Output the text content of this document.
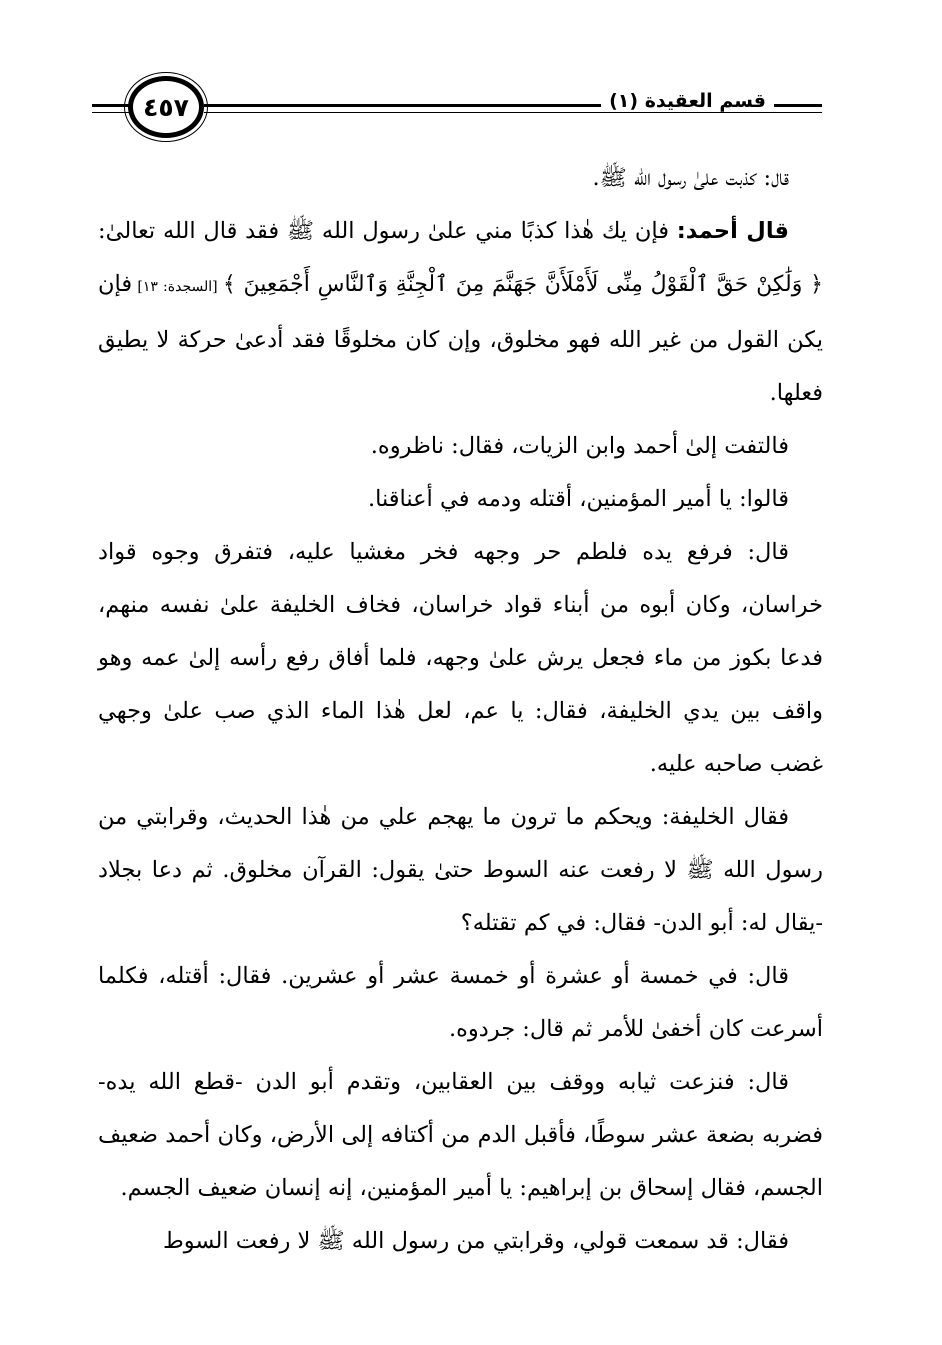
٤٥٧	قسم العقيدة (١)

قال: كذبت علىٰ رسول الله ﷺ.

قال أحمد: فإن يك هٰذا كذبًا مني علىٰ رسول الله ﷺ فقد قال الله تعالىٰ: ﴿ وَلَٰكِنْ حَقَّ ٱلْقَوْلُ مِنِّى لَأَمْلَأَنَّ جَهَنَّمَ مِنَ ٱلْجِنَّةِ وَٱلنَّاسِ أَجْمَعِينَ ﴾ [السجدة: ١٣] فإن يكن القول من غير الله فهو مخلوق، وإن كان مخلوقًا فقد أدعىٰ حركة لا يطيق فعلها.

فالتفت إلىٰ أحمد وابن الزيات، فقال: ناظروه.

قالوا: يا أمير المؤمنين، أقتله ودمه في أعناقنا.

قال: فرفع يده فلطم حر وجهه فخر مغشيا عليه، فتفرق وجوه قواد خراسان، وكان أبوه من أبناء قواد خراسان، فخاف الخليفة علىٰ نفسه منهم، فدعا بكوز من ماء فجعل يرش علىٰ وجهه، فلما أفاق رفع رأسه إلىٰ عمه وهو واقف بين يدي الخليفة، فقال: يا عم، لعل هٰذا الماء الذي صب علىٰ وجهي غضب صاحبه عليه.

فقال الخليفة: ويحكم ما ترون ما يهجم علي من هٰذا الحديث، وقرابتي من رسول الله ﷺ لا رفعت عنه السوط حتىٰ يقول: القرآن مخلوق. ثم دعا بجلاد -يقال له: أبو الدن- فقال: في كم تقتله؟

قال: في خمسة أو عشرة أو خمسة عشر أو عشرين. فقال: أقتله، فكلما أسرعت كان أخفىٰ للأمر ثم قال: جردوه.

قال: فنزعت ثيابه ووقف بين العقابين، وتقدم أبو الدن -قطع الله يده- فضربه بضعة عشر سوطًا، فأقبل الدم من أكتافه إلى الأرض، وكان أحمد ضعيف الجسم، فقال إسحاق بن إبراهيم: يا أمير المؤمنين، إنه إنسان ضعيف الجسم.

فقال: قد سمعت قولي، وقرابتي من رسول الله ﷺ لا رفعت السوط
